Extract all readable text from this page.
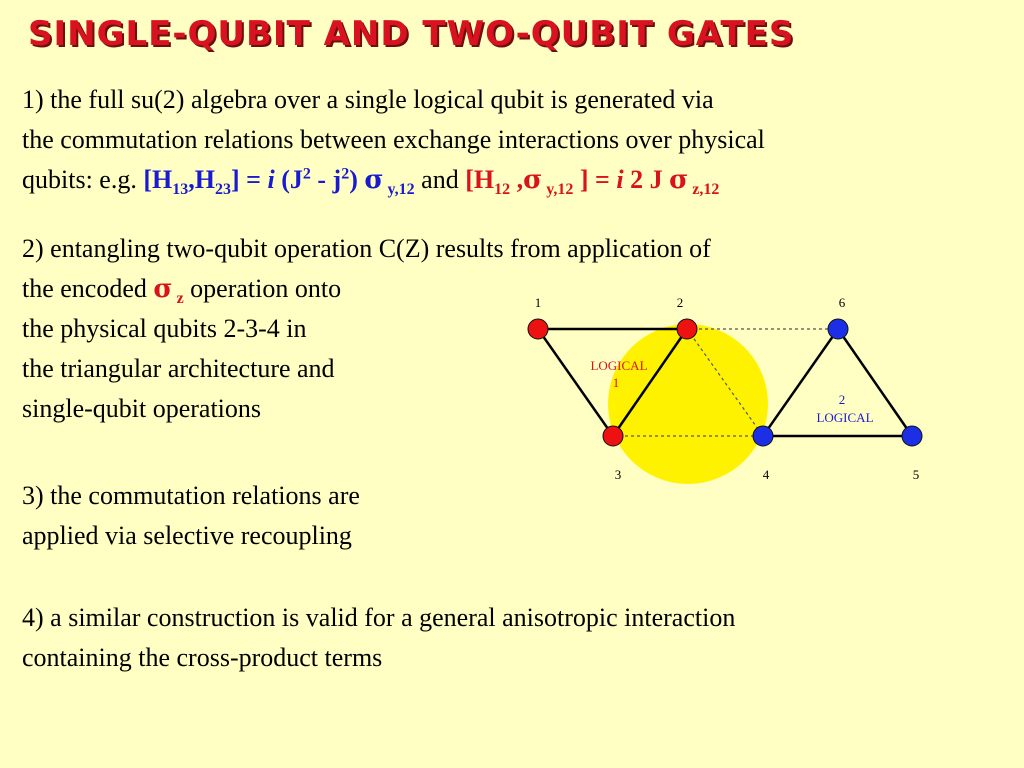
SINGLE-QUBIT AND TWO-QUBIT GATES
1) the full su(2) algebra over a single logical qubit is generated via
the commutation relations between exchange interactions over physical
qubits: e.g. $[H_{13},H_{23}] = i$ $(J^2 - j^2)$ σ $_{y,12}$ and [$H_{12}$ ,σ $_{y,12}$ ] = i 2 J σ $_{z,12}$
2) entangling two-qubit operation C(Z) results from application of
the encoded σ $_z$ operation onto
the physical qubits 2-3-4 in
the triangular architecture and
single-qubit operations
3) the commutation relations are
applied via selective recoupling
4) a similar construction is valid for a general anisotropic interaction
containing the cross-product terms
1	2	6
3	4	5
LOGICAL
1
2
LOGICAL
